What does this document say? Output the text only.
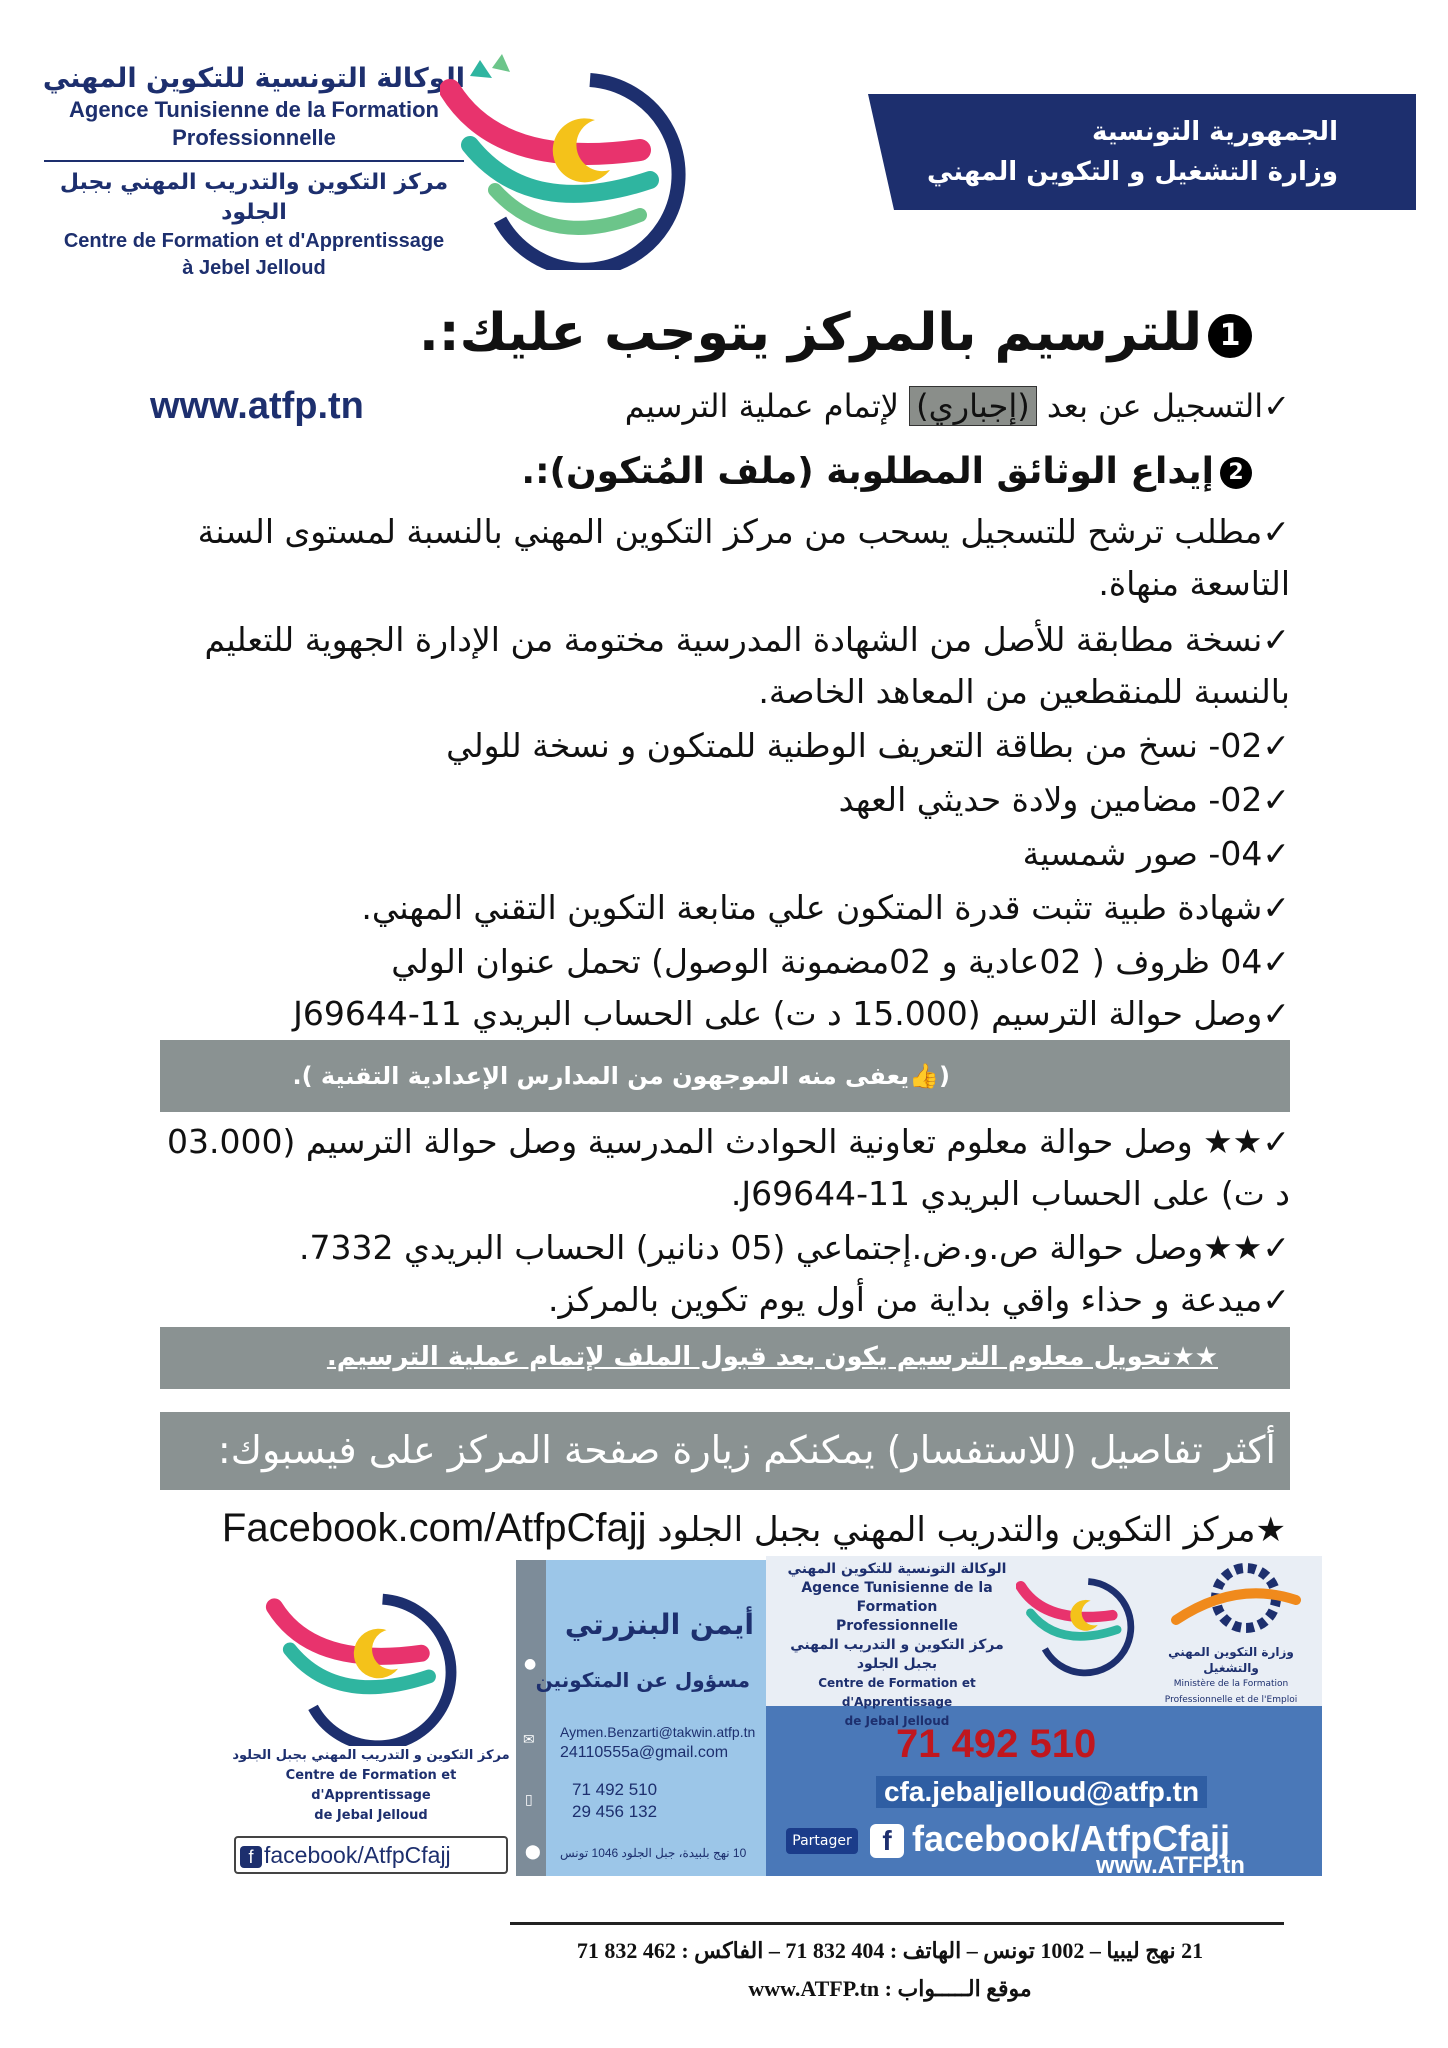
الوكالة التونسية للتكوين المهني
Agence Tunisienne de la Formation
Professionnelle
مركز التكوين والتدريب المهني بجبل الجلود
Centre de Formation et d'Apprentissage
à Jebel Jelloud
الجمهورية التونسية
وزارة التشغيل و التكوين المهني
1للترسيم بالمركز يتوجب عليك:.
✓التسجيل عن بعد (إجباري) لإتمام عملية الترسيم
www.atfp.tn
2إيداع الوثائق المطلوبة (ملف المُتكون):.
✓مطلب ترشح للتسجيل يسحب من مركز التكوين المهني بالنسبة لمستوى السنة التاسعة منهاة.
✓نسخة مطابقة للأصل من الشهادة المدرسية مختومة من الإدارة الجهوية للتعليم بالنسبة للمنقطعين من المعاهد الخاصة.
✓02- نسخ من بطاقة التعريف الوطنية للمتكون و نسخة للولي
✓02- مضامين ولادة حديثي العهد
✓04- صور شمسية
✓شهادة طبية تثبت قدرة المتكون علي متابعة التكوين التقني المهني.
✓04 ظروف ( 02عادية و 02مضمونة الوصول) تحمل عنوان الولي
✓وصل حوالة الترسيم (15.000 د ت) على الحساب البريدي 11-J69644
(👍يعفى منه الموجهون من المدارس الإعدادية التقنية ).
✓★★ وصل حوالة معلوم تعاونية الحوادث المدرسية وصل حوالة الترسيم (03.000 د ت) على الحساب البريدي 11-J69644.
✓★★وصل حوالة ص.و.ض.إجتماعي (05 دنانير) الحساب البريدي 7332.
✓ميدعة و حذاء واقي بداية من أول يوم تكوين بالمركز.
★★تحويل معلوم الترسيم يكون بعد قبول الملف لإتمام عملية الترسيم.
أكثر تفاصيل (للاستفسار) يمكنكم زيارة صفحة المركز على فيسبوك:
★مركز التكوين والتدريب المهني بجبل الجلود Facebook.com/AtfpCfajj
مركز التكوين و التدريب المهني بجبل الجلود
Centre de Formation et d'Apprentissage
de Jebal Jelloud
f facebook/AtfpCfajj
●
✉
▯
⬤
أيمن البنزرتي
مسؤول عن المتكونين
Aymen.Benzarti@takwin.atfp.tn
24110555a@gmail.com
71 492 510
29 456 132
10 نهج بلبيدة، جبل الجلود 1046 تونس
الوكالة التونسية للتكوين المهني
Agence Tunisienne de la Formation
Professionnelle
مركز التكوين و التدريب المهني بجبل الجلود
Centre de Formation et d'Apprentissage
de Jebal Jelloud
وزارة التكوين المهني والتشغيل
Ministère de la Formation Professionnelle et de l'Emploi
71 492 510
cfa.jebaljelloud@atfp.tn
Partager	f facebook/AtfpCfajj
www.ATFP.tn
21 نهج ليبيا – 1002 تونس – الهاتف : 404 832 71 – الفاكس : 462 832 71
موقع الـــــواب : www.ATFP.tn
